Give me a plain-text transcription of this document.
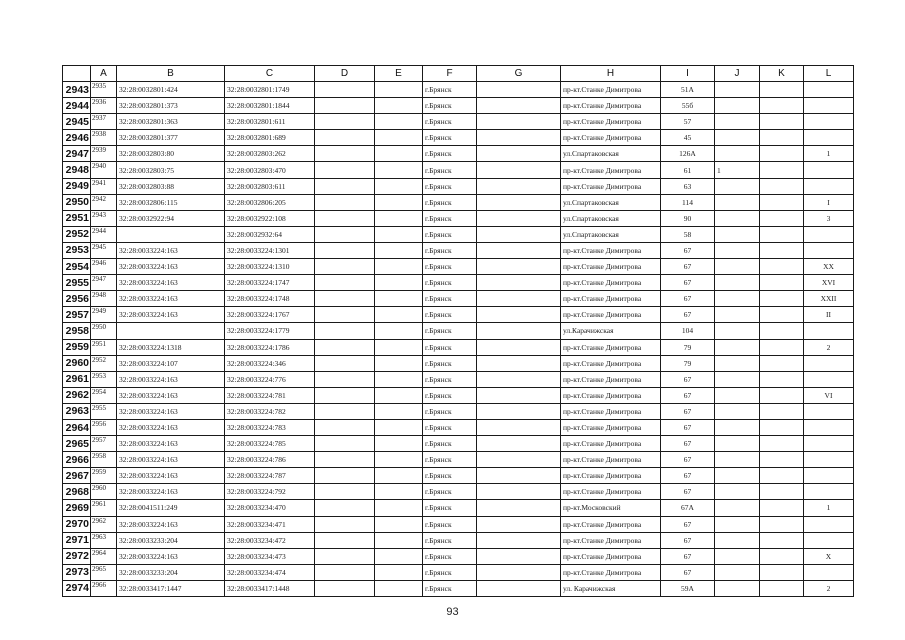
	A	B	C	D	E	F	G	H	I	J	K	L
2943	2935	32:28:0032801:424	32:28:0032801:1749			г.Брянск		пр-кт.Станке Димитрова	51А			
2944	2936	32:28:0032801:373	32:28:0032801:1844			г.Брянск		пр-кт.Станке Димитрова	55б			
2945	2937	32:28:0032801:363	32:28:0032801:611			г.Брянск		пр-кт.Станке Димитрова	57			
2946	2938	32:28:0032801:377	32:28:0032801:689			г.Брянск		пр-кт.Станке Димитрова	45			
2947	2939	32:28:0032803:80	32:28:0032803:262			г.Брянск		ул.Спартаковская	126А			1
2948	2940	32:28:0032803:75	32:28:0032803:470			г.Брянск		пр-кт.Станке Димитрова	61	1		
2949	2941	32:28:0032803:88	32:28:0032803:611			г.Брянск		пр-кт.Станке Димитрова	63			
2950	2942	32:28:0032806:115	32:28:0032806:205			г.Брянск		ул.Спартаковская	114			I
2951	2943	32:28:0032922:94	32:28:0032922:108			г.Брянск		ул.Спартаковская	90			3
2952	2944		32:28:0032932:64			г.Брянск		ул.Спартаковская	58			
2953	2945	32:28:0033224:163	32:28:0033224:1301			г.Брянск		пр-кт.Станке Димитрова	67			
2954	2946	32:28:0033224:163	32:28:0033224:1310			г.Брянск		пр-кт.Станке Димитрова	67			XX
2955	2947	32:28:0033224:163	32:28:0033224:1747			г.Брянск		пр-кт.Станке Димитрова	67			XVI
2956	2948	32:28:0033224:163	32:28:0033224:1748			г.Брянск		пр-кт.Станке Димитрова	67			XXII
2957	2949	32:28:0033224:163	32:28:0033224:1767			г.Брянск		пр-кт.Станке Димитрова	67			II
2958	2950		32:28:0033224:1779			г.Брянск		ул.Карачижская	104			
2959	2951	32:28:0033224:1318	32:28:0033224:1786			г.Брянск		пр-кт.Станке Димитрова	79			2
2960	2952	32:28:0033224:107	32:28:0033224:346			г.Брянск		пр-кт.Станке Димитрова	79			
2961	2953	32:28:0033224:163	32:28:0033224:776			г.Брянск		пр-кт.Станке Димитрова	67			
2962	2954	32:28:0033224:163	32:28:0033224:781			г.Брянск		пр-кт.Станке Димитрова	67			VI
2963	2955	32:28:0033224:163	32:28:0033224:782			г.Брянск		пр-кт.Станке Димитрова	67			
2964	2956	32:28:0033224:163	32:28:0033224:783			г.Брянск		пр-кт.Станке Димитрова	67			
2965	2957	32:28:0033224:163	32:28:0033224:785			г.Брянск		пр-кт.Станке Димитрова	67			
2966	2958	32:28:0033224:163	32:28:0033224:786			г.Брянск		пр-кт.Станке Димитрова	67			
2967	2959	32:28:0033224:163	32:28:0033224:787			г.Брянск		пр-кт.Станке Димитрова	67			
2968	2960	32:28:0033224:163	32:28:0033224:792			г.Брянск		пр-кт.Станке Димитрова	67			
2969	2961	32:28:0041511:249	32:28:0033234:470			г.Брянск		пр-кт.Московский	67А			1
2970	2962	32:28:0033224:163	32:28:0033234:471			г.Брянск		пр-кт.Станке Димитрова	67			
2971	2963	32:28:0033233:204	32:28:0033234:472			г.Брянск		пр-кт.Станке Димитрова	67			
2972	2964	32:28:0033224:163	32:28:0033234:473			г.Брянск		пр-кт.Станке Димитрова	67			X
2973	2965	32:28:0033233:204	32:28:0033234:474			г.Брянск		пр-кт.Станке Димитрова	67			
2974	2966	32:28:0033417:1447	32:28:0033417:1448			г.Брянск		ул. Карачижская	59А			2
93
